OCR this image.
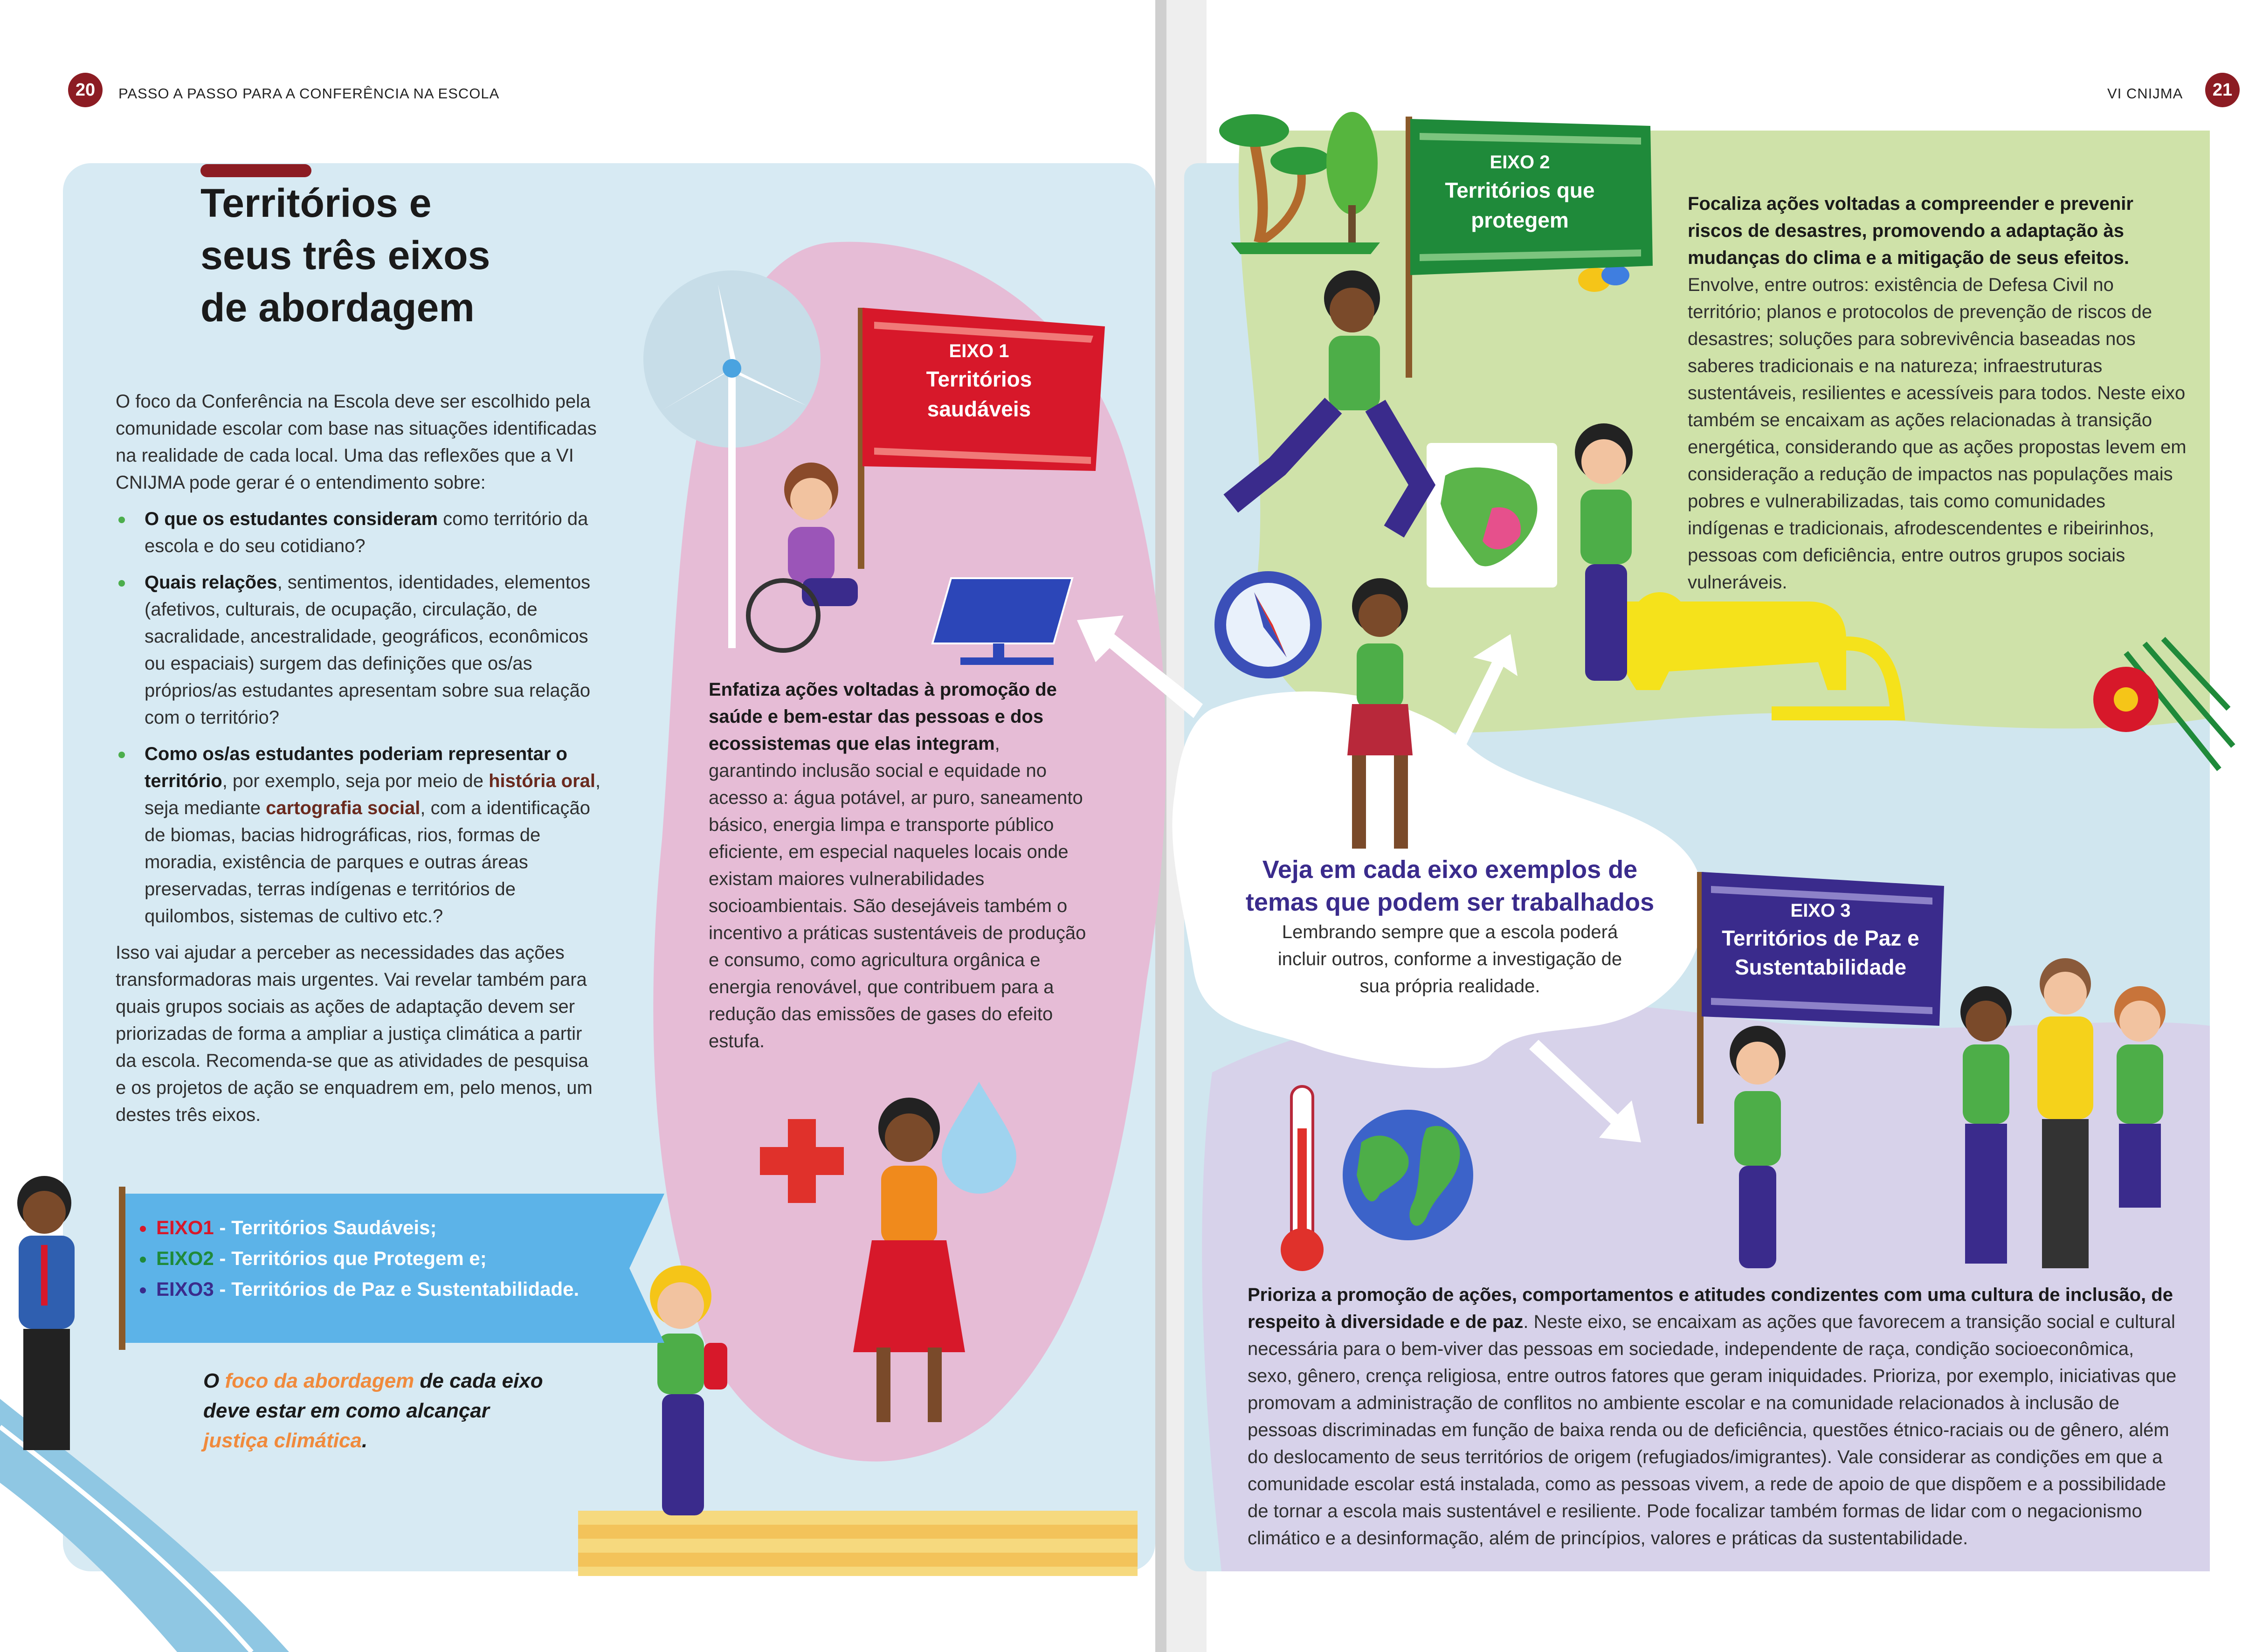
20	PASSO A PASSO PARA A CONFERÊNCIA NA ESCOLA	VI CNIJMA	21
Territórios e
seus três eixos
de abordagem

O foco da Conferência na Escola deve ser escolhido pela comunidade escolar com base nas situações identificadas na realidade de cada local. Uma das reflexões que a VI CNIJMA pode gerar é o entendimento sobre:

O que os estudantes consideram como território da escola e do seu cotidiano?
Quais relações, sentimentos, identidades, elementos (afetivos, culturais, de ocupação, circulação, de sacralidade, ancestralidade, geográficos, econômicos ou espaciais) surgem das definições que os/as próprios/as estudantes apresentam sobre sua relação com o território?
Como os/as estudantes poderiam representar o território, por exemplo, seja por meio de história oral, seja mediante cartografia social, com a identificação de biomas, bacias hidrográficas, rios, formas de moradia, existência de parques e outras áreas preservadas, terras indígenas e territórios de quilombos, sistemas de cultivo etc.?

Isso vai ajudar a perceber as necessidades das ações transformadoras mais urgentes. Vai revelar também para quais grupos sociais as ações de adaptação devem ser priorizadas de forma a ampliar a justiça climática a partir da escola. Recomenda-se que as atividades de pesquisa e os projetos de ação se enquadrem em, pelo menos, um destes três eixos.

EIXO1 - Territórios Saudáveis;
EIXO2 - Territórios que Protegem e;
EIXO3 - Territórios de Paz e Sustentabilidade.
O foco da abordagem de cada eixo deve estar em como alcançar justiça climática.
EIXO 1
Territórios saudáveis
Enfatiza ações voltadas à promoção de saúde e bem-estar das pessoas e dos ecossistemas que elas integram, garantindo inclusão social e equidade no acesso a: água potável, ar puro, saneamento básico, energia limpa e transporte público eficiente, em especial naqueles locais onde existam maiores vulnerabilidades socioambientais. São desejáveis também o incentivo a práticas sustentáveis de produção e consumo, como agricultura orgânica e energia renovável, que contribuem para a redução das emissões de gases do efeito estufa.
Veja em cada eixo exemplos de temas que podem ser trabalhados
Lembrando sempre que a escola poderá incluir outros, conforme a investigação de sua própria realidade.
EIXO 2
Territórios que protegem
Focaliza ações voltadas a compreender e prevenir riscos de desastres, promovendo a adaptação às mudanças do clima e a mitigação de seus efeitos. Envolve, entre outros: existência de Defesa Civil no território; planos e protocolos de prevenção de riscos de desastres; soluções para sobrevivência baseadas nos saberes tradicionais e na natureza; infraestruturas sustentáveis, resilientes e acessíveis para todos. Neste eixo também se encaixam as ações relacionadas à transição energética, considerando que as ações propostas levem em consideração a redução de impactos nas populações mais pobres e vulnerabilizadas, tais como comunidades indígenas e tradicionais, afrodescendentes e ribeirinhos, pessoas com deficiência, entre outros grupos sociais vulneráveis.
EIXO 3
Territórios de Paz e Sustentabilidade
Prioriza a promoção de ações, comportamentos e atitudes condizentes com uma cultura de inclusão, de respeito à diversidade e de paz. Neste eixo, se encaixam as ações que favorecem a transição social e cultural necessária para o bem-viver das pessoas em sociedade, independente de raça, condição socioeconômica, sexo, gênero, crença religiosa, entre outros fatores que geram iniquidades. Prioriza, por exemplo, iniciativas que promovam a administração de conflitos no ambiente escolar e na comunidade relacionados à inclusão de pessoas discriminadas em função de baixa renda ou de deficiência, questões étnico-raciais ou de gênero, além do deslocamento de seus territórios de origem (refugiados/imigrantes). Vale considerar as condições em que a comunidade escolar está instalada, como as pessoas vivem, a rede de apoio de que dispõem e a possibilidade de tornar a escola mais sustentável e resiliente. Pode focalizar também formas de lidar com o negacionismo climático e a desinformação, além de princípios, valores e práticas da sustentabilidade.
